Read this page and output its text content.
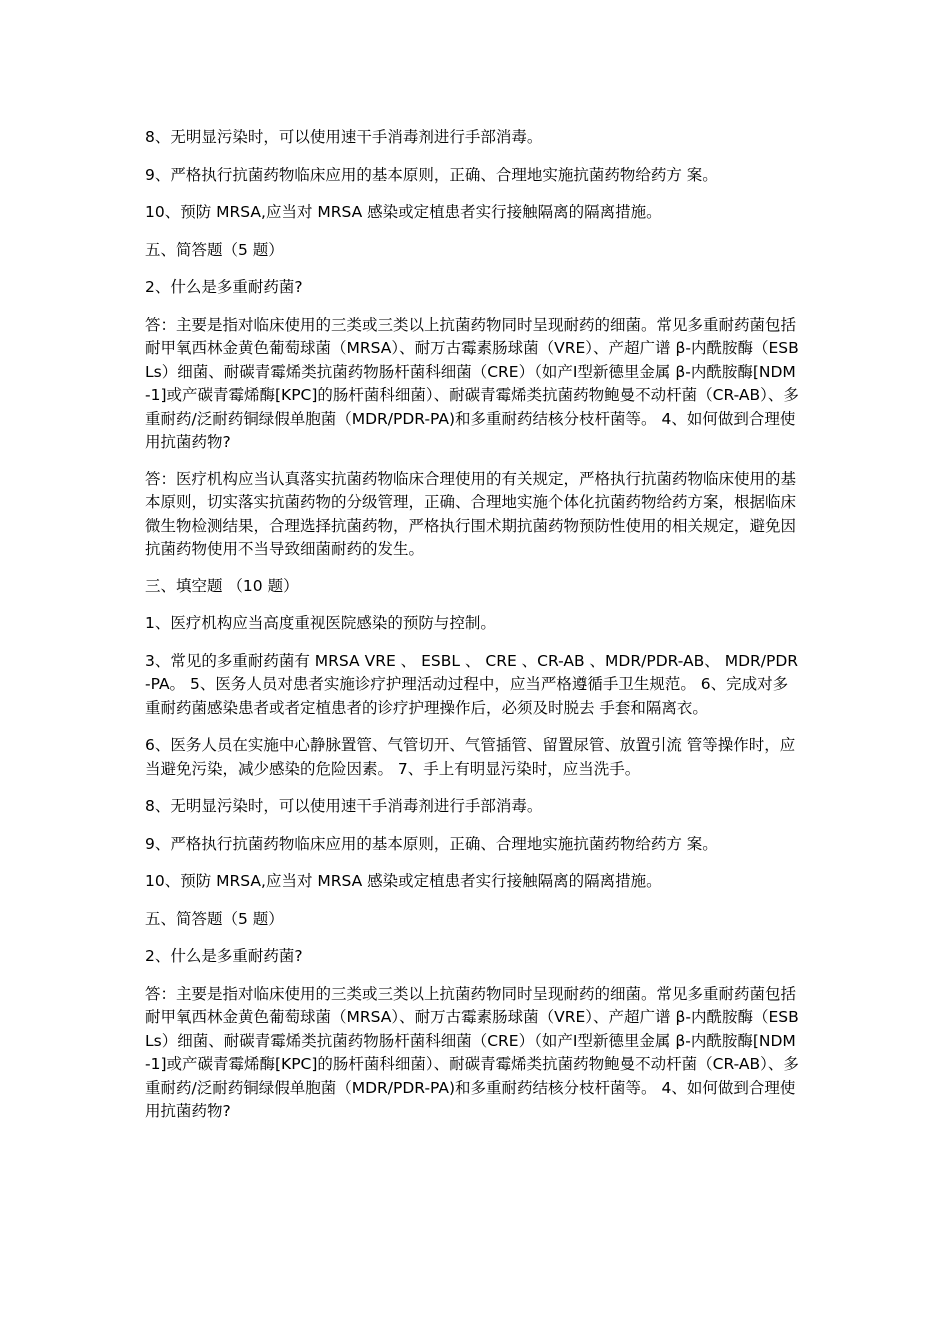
8、无明显污染时，可以使用速干手消毒剂进行手部消毒。

9、严格执行抗菌药物临床应用的基本原则，正确、合理地实施抗菌药物给药方 案。

10、预防 MRSA,应当对 MRSA 感染或定植患者实行接触隔离的隔离措施。

五、简答题（5 题）

2、什么是多重耐药菌?

答：主要是指对临床使用的三类或三类以上抗菌药物同时呈现耐药的细菌。常见多重耐药菌包括耐甲氧西林金黄色葡萄球菌（MRSA）、耐万古霉素肠球菌（VRE）、产超广谱 β-内酰胺酶（ESBLs）细菌、耐碳青霉烯类抗菌药物肠杆菌科细菌（CRE）（如产Ⅰ型新德里金属 β-内酰胺酶[NDM-1]或产碳青霉烯酶[KPC]的肠杆菌科细菌）、耐碳青霉烯类抗菌药物鲍曼不动杆菌（CR-AB）、多重耐药/泛耐药铜绿假单胞菌（MDR/PDR-PA)和多重耐药结核分枝杆菌等。 4、如何做到合理使用抗菌药物?

答：医疗机构应当认真落实抗菌药物临床合理使用的有关规定，严格执行抗菌药物临床使用的基本原则，切实落实抗菌药物的分级管理，正确、合理地实施个体化抗菌药物给药方案，根据临床微生物检测结果，合理选择抗菌药物，严格执行围术期抗菌药物预防性使用的相关规定，避免因抗菌药物使用不当导致细菌耐药的发生。

三、填空题 （10 题）

1、医疗机构应当高度重视医院感染的预防与控制。

3、常见的多重耐药菌有 MRSA VRE 、 ESBL 、 CRE 、CR-AB 、MDR/PDR-AB、 MDR/PDR-PA。 5、医务人员对患者实施诊疗护理活动过程中，应当严格遵循手卫生规范。 6、完成对多重耐药菌感染患者或者定植患者的诊疗护理操作后，必须及时脱去 手套和隔离衣。

6、医务人员在实施中心静脉置管、气管切开、气管插管、留置尿管、放置引流 管等操作时，应当避免污染，减少感染的危险因素。 7、手上有明显污染时，应当洗手。

8、无明显污染时，可以使用速干手消毒剂进行手部消毒。

9、严格执行抗菌药物临床应用的基本原则，正确、合理地实施抗菌药物给药方 案。

10、预防 MRSA,应当对 MRSA 感染或定植患者实行接触隔离的隔离措施。

五、简答题（5 题）

2、什么是多重耐药菌?

答：主要是指对临床使用的三类或三类以上抗菌药物同时呈现耐药的细菌。常见多重耐药菌包括耐甲氧西林金黄色葡萄球菌（MRSA）、耐万古霉素肠球菌（VRE）、产超广谱 β-内酰胺酶（ESBLs）细菌、耐碳青霉烯类抗菌药物肠杆菌科细菌（CRE）（如产Ⅰ型新德里金属 β-内酰胺酶[NDM-1]或产碳青霉烯酶[KPC]的肠杆菌科细菌）、耐碳青霉烯类抗菌药物鲍曼不动杆菌（CR-AB）、多重耐药/泛耐药铜绿假单胞菌（MDR/PDR-PA)和多重耐药结核分枝杆菌等。 4、如何做到合理使用抗菌药物?
